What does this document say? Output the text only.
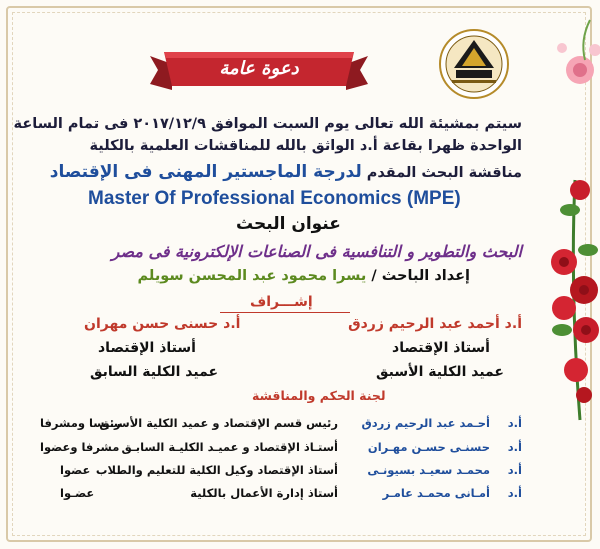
دعوة عامة
سيتم بمشيئة الله تعالى يوم السبت الموافق ٢٠١٧/١٢/٩ فى تمام الساعة
الواحدة ظهرا بقاعة أ.د الواثق بالله للمناقشات العلمية بالكلية
مناقشة البحث المقدم لدرجة الماجستير المهنى فى الإقتصاد
Master Of Professional Economics (MPE)
عنوان البحث
البحث والتطوير و التنافسية فى الصناعات الإلكترونية فى مصر
إعداد الباحث / يسرا محمود عبد المحسن سويلم
إشـــراف
أ.د أحمد عبد الرحيم زردق
أستاذ الإقتصاد
عميد الكلية الأسبق
أ.د حسنى حسن مهران
أستاذ الإقتصاد
عميد الكلية السابق
لجنة الحكم والمناقشة
أ.د
أحـمد عبد الرحيم زردق
رئيس قسم الإقتصاد و عميد الكلية الأسبـق
رئيسا ومشرفا
أ.د
حسنـى حسـن مهـران
أستـاذ الإقتصاد و عميـد الكليـة السابـق
مشرفا وعضوا
أ.د
محمـد سعيـد بسيونـى
أستاذ الإقتصاد وكيل الكلية للتعليم والطلاب
عضوا
أ.د
أمـانى محمـد عامـر
أستاذ إدارة الأعمال بالكلية
عضـوا
